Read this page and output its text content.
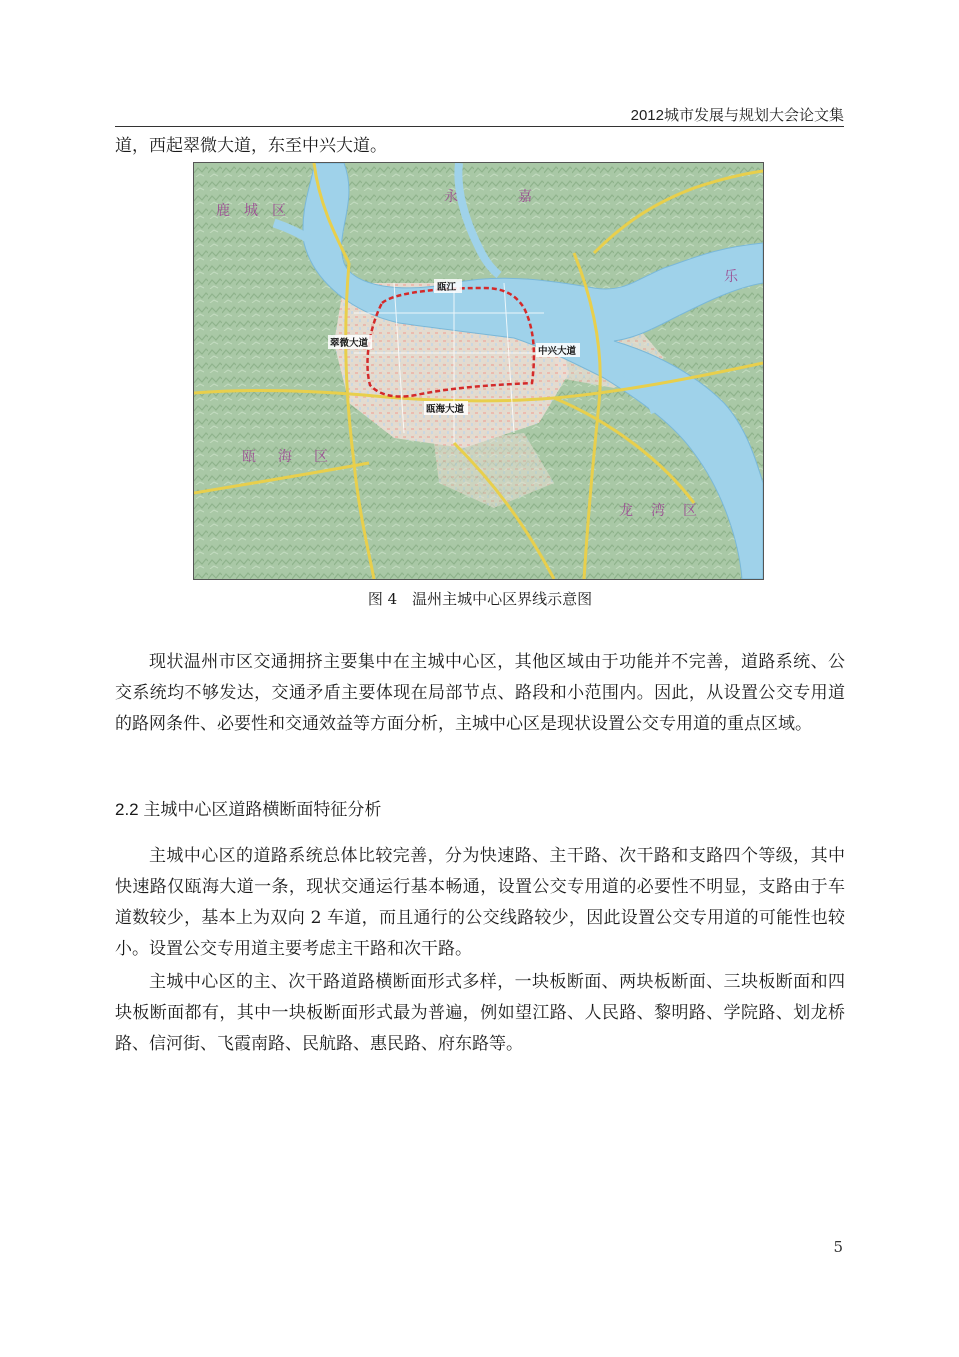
2012城市发展与规划大会论文集

道，西起翠微大道，东至中兴大道。

鹿城区
永嘉
乐
瓯海区
龙湾区
瓯江
翠微大道
中兴大道
瓯海大道
图 4　温州主城中心区界线示意图

现状温州市区交通拥挤主要集中在主城中心区，其他区域由于功能并不完善，道路系统、公交系统均不够发达，交通矛盾主要体现在局部节点、路段和小范围内。因此，从设置公交专用道的路网条件、必要性和交通效益等方面分析，主城中心区是现状设置公交专用道的重点区域。

2.2 主城中心区道路横断面特征分析

主城中心区的道路系统总体比较完善，分为快速路、主干路、次干路和支路四个等级，其中快速路仅瓯海大道一条，现状交通运行基本畅通，设置公交专用道的必要性不明显，支路由于车道数较少，基本上为双向 2 车道，而且通行的公交线路较少，因此设置公交专用道的可能性也较小。设置公交专用道主要考虑主干路和次干路。

主城中心区的主、次干路道路横断面形式多样，一块板断面、两块板断面、三块板断面和四块板断面都有，其中一块板断面形式最为普遍，例如望江路、人民路、黎明路、学院路、划龙桥路、信河街、飞霞南路、民航路、惠民路、府东路等。

5
